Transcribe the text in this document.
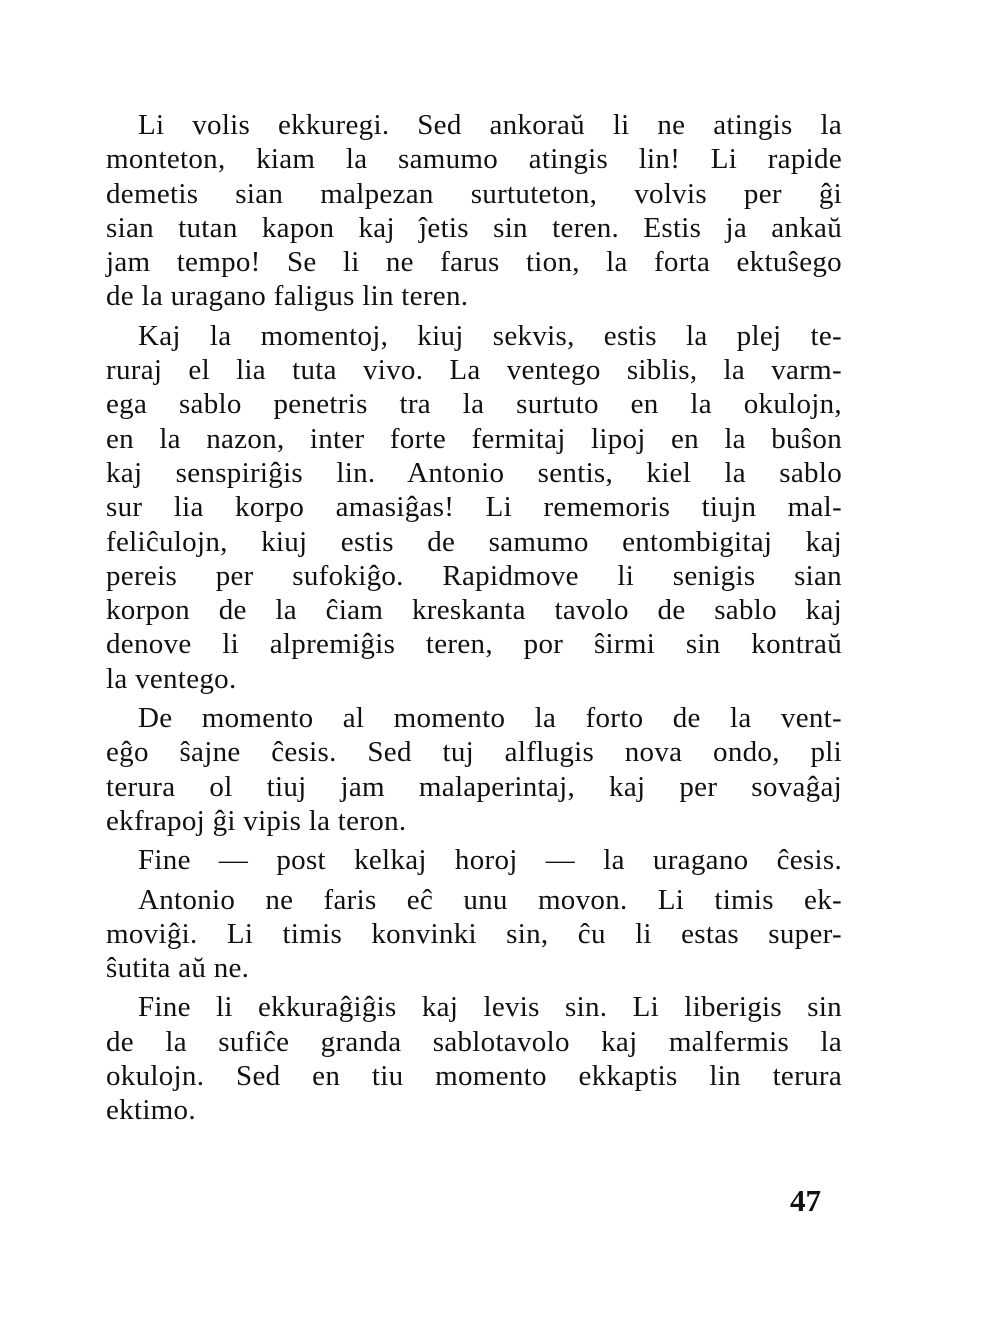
Li volis ekkuregi. Sed ankoraŭ li ne atingis la
monteton, kiam la samumo atingis lin! Li rapide
demetis sian malpezan surtuteton, volvis per ĝi
sian tutan kapon kaj ĵetis sin teren. Estis ja ankaŭ
jam tempo! Se li ne farus tion, la forta ektuŝego
de la uragano faligus lin teren.
Kaj la momentoj, kiuj sekvis, estis la plej te-
ruraj el lia tuta vivo. La ventego siblis, la varm-
ega sablo penetris tra la surtuto en la okulojn,
en la nazon, inter forte fermitaj lipoj en la buŝon
kaj senspiriĝis lin. Antonio sentis, kiel la sablo
sur lia korpo amasiĝas! Li rememoris tiujn mal-
feliĉulojn, kiuj estis de samumo entombigitaj kaj
pereis per sufokiĝo. Rapidmove li senigis sian
korpon de la ĉiam kreskanta tavolo de sablo kaj
denove li alpremiĝis teren, por ŝirmi sin kontraŭ
la ventego.
De momento al momento la forto de la vent-
eĝo ŝajne ĉesis. Sed tuj alflugis nova ondo, pli
terura ol tiuj jam malaperintaj, kaj per sovaĝaj
ekfrapoj ĝi vipis la teron.
Fine — post kelkaj horoj — la uragano ĉesis.
Antonio ne faris eĉ unu movon. Li timis ek-
moviĝi. Li timis konvinki sin, ĉu li estas super-
ŝutita aŭ ne.
Fine li ekkuraĝiĝis kaj levis sin. Li liberigis sin
de la sufiĉe granda sablotavolo kaj malfermis la
okulojn. Sed en tiu momento ekkaptis lin terura
ektimo.
47
